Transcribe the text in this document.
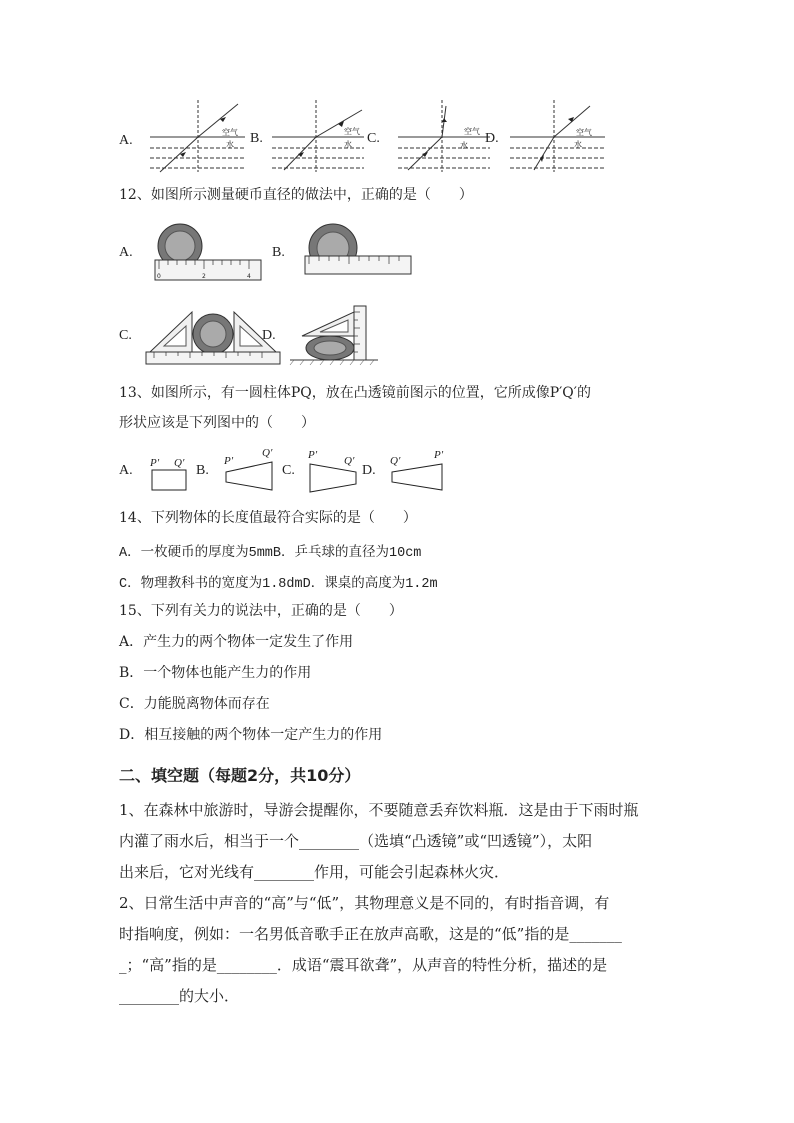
A.
空气
水 B.	空气
水 C.	空气
水 D.	空气
水
12、如图所示测量硬币直径的做法中，正确的是（　　）
A.
0	2	4
B.
C.	D.
13、如图所示，有一圆柱体PQ，放在凸透镜前图示的位置，它所成像P′Q′的
形状应该是下列图中的（　　）
A. P′ Q′ B.
P′
Q′
C.
P′ Q′
D.
Q′	P′
14、下列物体的长度值最符合实际的是（　　）
A．一枚硬币的厚度为5mmB．乒乓球的直径为10cm
C．物理教科书的宽度为1.8dmD．课桌的高度为1.2m
15、下列有关力的说法中，正确的是（　　）
A．产生力的两个物体一定发生了作用
B．一个物体也能产生力的作用
C．力能脱离物体而存在
D．相互接触的两个物体一定产生力的作用
二、填空题（每题2分，共10分）
1、在森林中旅游时，导游会提醒你，不要随意丢弃饮料瓶．这是由于下雨时瓶
内灌了雨水后，相当于一个________（选填“凸透镜”或“凹透镜”），太阳
出来后，它对光线有________作用，可能会引起森林火灾．
2、日常生活中声音的“高”与“低”，其物理意义是不同的，有时指音调，有
时指响度，例如：一名男低音歌手正在放声高歌，这是的“低”指的是_______
_；“高”指的是________．成语“震耳欲聋”，从声音的特性分析，描述的是
________的大小．
